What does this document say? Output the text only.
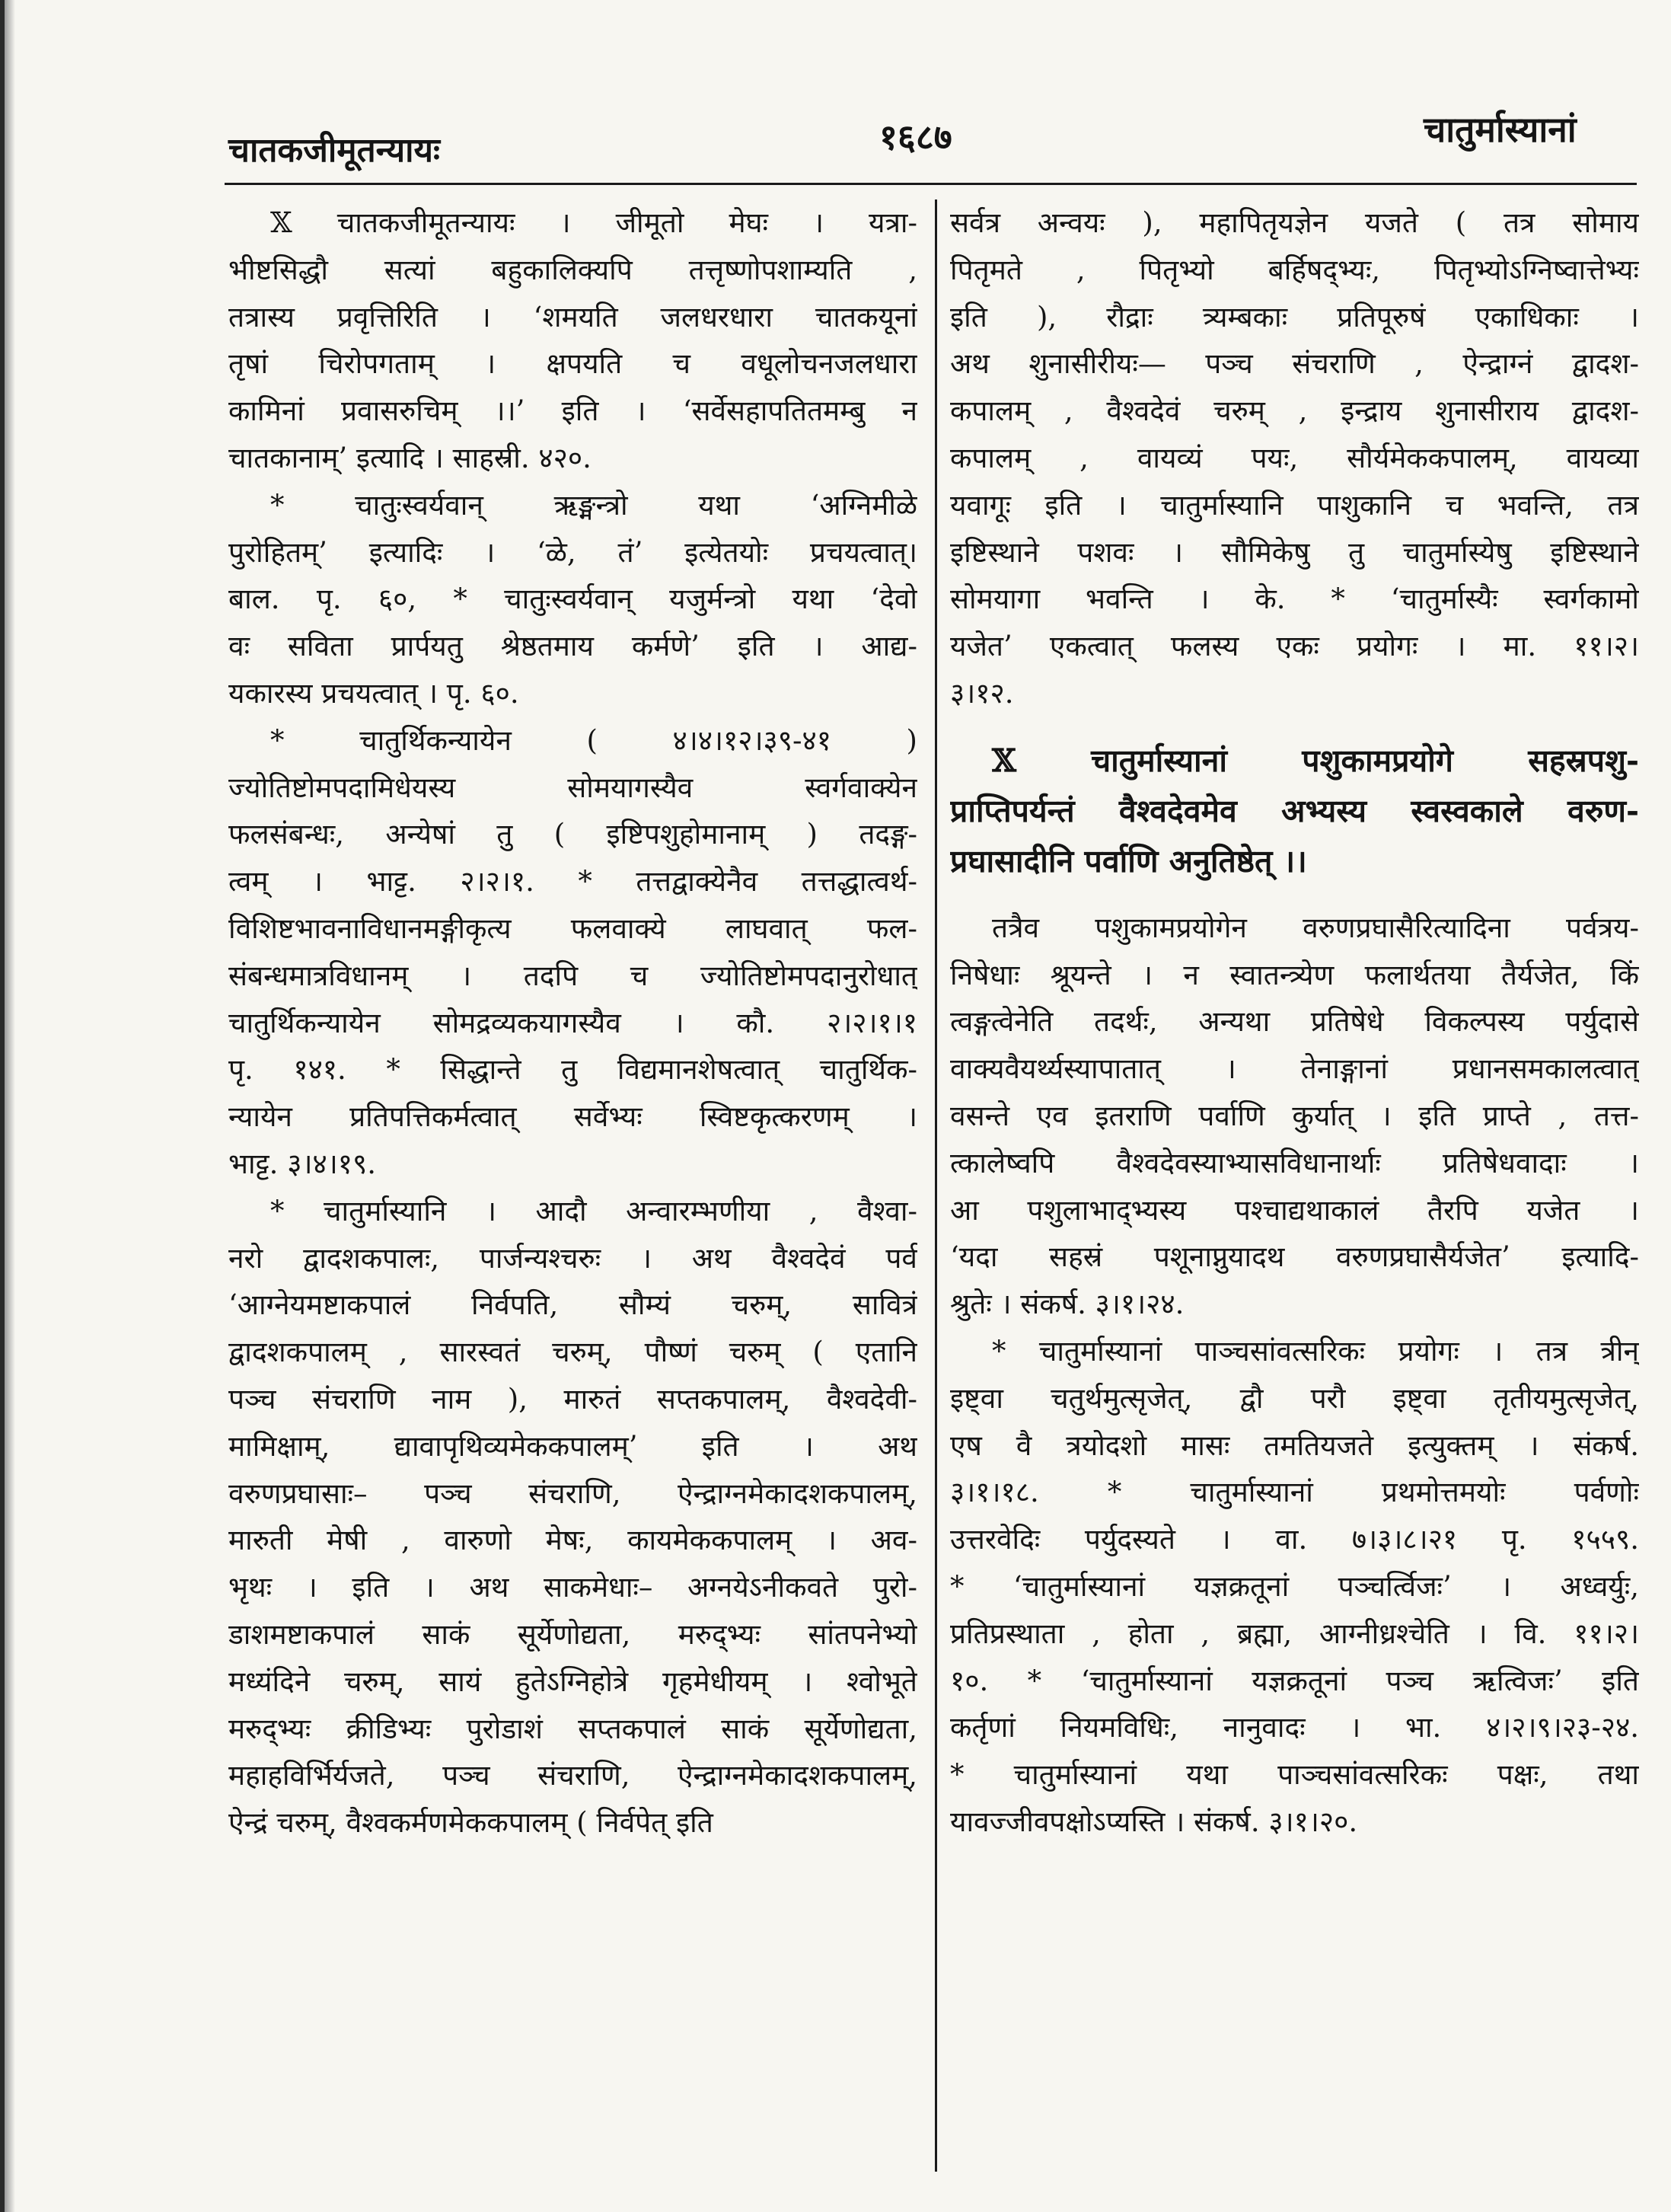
चातकजीमूतन्यायः	१६८७	चातुर्मास्यानां
𝕏 चातकजीमूतन्यायः । जीमूतो मेघः । यत्रा-
भीष्टसिद्धौ सत्यां बहुकालिक्यपि तत्तृष्णोपशाम्यति ,
तत्रास्य प्रवृत्तिरिति । ‘शमयति जलधरधारा चातकयूनां
तृषां चिरोपगताम् । क्षपयति च वधूलोचनजलधारा
कामिनां प्रवासरुचिम् ।।’ इति । ‘सर्वेसहापतितमम्बु न
चातकानाम्’ इत्यादि । साहस्री. ४२०.
* चातुःस्वर्यवान् ऋङ्मन्त्रो यथा ‘अग्निमीळे
पुरोहितम्’ इत्यादिः । ‘ळे, तं’ इत्येतयोः प्रचयत्वात्।
बाल. पृ. ६०, * चातुःस्वर्यवान् यजुर्मन्त्रो यथा ‘देवो
वः सविता प्रार्पयतु श्रेष्ठतमाय कर्मणे’ इति । आद्य-
यकारस्य प्रचयत्वात् । पृ. ६०.
* चातुर्थिकन्यायेन ( ४।४।१२।३९-४१ )
ज्योतिष्टोमपदामिधेयस्य सोमयागस्यैव स्वर्गवाक्येन
फलसंबन्धः, अन्येषां तु ( इष्टिपशुहोमानाम् ) तदङ्ग-
त्वम् । भाट्ट. २।२।१. * तत्तद्वाक्येनैव तत्तद्धात्वर्थ-
विशिष्टभावनाविधानमङ्गीकृत्य फलवाक्ये लाघवात् फल-
संबन्धमात्रविधानम् । तदपि च ज्योतिष्टोमपदानुरोधात्
चातुर्थिकन्यायेन सोमद्रव्यकयागस्यैव । कौ. २।२।१।१
पृ. १४१. * सिद्धान्ते तु विद्यमानशेषत्वात् चातुर्थिक-
न्यायेन प्रतिपत्तिकर्मत्वात् सर्वेभ्यः स्विष्टकृत्करणम् ।
भाट्ट. ३।४।१९.
* चातुर्मास्यानि । आदौ अन्वारम्भणीया , वैश्वा-
नरो द्वादशकपालः, पार्जन्यश्चरुः । अथ वैश्वदेवं पर्व
‘आग्नेयमष्टाकपालं निर्वपति, सौम्यं चरुम्, सावित्रं
द्वादशकपालम् , सारस्वतं चरुम्, पौष्णं चरुम् ( एतानि
पञ्च संचराणि नाम ), मारुतं सप्तकपालम्, वैश्वदेवी-
मामिक्षाम्, द्यावापृथिव्यमेककपालम्’ इति । अथ
वरुणप्रघासाः– पञ्च संचराणि, ऐन्द्राग्नमेकादशकपालम्,
मारुती मेषी , वारुणो मेषः, कायमेककपालम् । अव-
भृथः । इति । अथ साकमेधाः– अग्नयेऽनीकवते पुरो-
डाशमष्टाकपालं साकं सूर्येणोद्यता, मरुद्भ्यः सांतपनेभ्यो
मध्यंदिने चरुम्, सायं हुतेऽग्निहोत्रे गृहमेधीयम् । श्वोभूते
मरुद्भ्यः क्रीडिभ्यः पुरोडाशं सप्तकपालं साकं सूर्येणोद्यता,
महाहविर्भिर्यजते, पञ्च संचराणि, ऐन्द्राग्नमेकादशकपालम्,
ऐन्द्रं चरुम्, वैश्वकर्मणमेककपालम् ( निर्वपेत् इति
सर्वत्र अन्वयः ), महापितृयज्ञेन यजते ( तत्र सोमाय
पितृमते , पितृभ्यो बर्हिषद्भ्यः, पितृभ्योऽग्निष्वात्तेभ्यः
इति ), रौद्राः त्र्यम्बकाः प्रतिपूरुषं एकाधिकाः ।
अथ शुनासीरीयः— पञ्च संचराणि , ऐन्द्राग्नं द्वादश-
कपालम् , वैश्वदेवं चरुम् , इन्द्राय शुनासीराय द्वादश-
कपालम् , वायव्यं पयः, सौर्यमेककपालम्, वायव्या
यवागूः इति । चातुर्मास्यानि पाशुकानि च भवन्ति, तत्र
इष्टिस्थाने पशवः । सौमिकेषु तु चातुर्मास्येषु इष्टिस्थाने
सोमयागा भवन्ति । के. * ‘चातुर्मास्यैः स्वर्गकामो
यजेत’ एकत्वात् फलस्य एकः प्रयोगः । मा. ११।२।
३।१२.
𝕏 चातुर्मास्यानां पशुकामप्रयोगे सहस्रपशु-
प्राप्तिपर्यन्तं वैश्वदेवमेव अभ्यस्य स्वस्वकाले वरुण-
प्रघासादीनि पर्वाणि अनुतिष्ठेत् ।।
तत्रैव पशुकामप्रयोगेन वरुणप्रघासैरित्यादिना पर्वत्रय-
निषेधाः श्रूयन्ते । न स्वातन्त्र्येण फलार्थतया तैर्यजेत, किं
त्वङ्गत्वेनेति तदर्थः, अन्यथा प्रतिषेधे विकल्पस्य पर्युदासे
वाक्यवैयर्थ्यस्यापातात् । तेनाङ्गानां प्रधानसमकालत्वात्
वसन्ते एव इतराणि पर्वाणि कुर्यात् । इति प्राप्ते , तत्त-
त्कालेष्वपि वैश्वदेवस्याभ्यासविधानार्थाः प्रतिषेधवादाः ।
आ पशुलाभाद्भ्यस्य पश्चाद्यथाकालं तैरपि यजेत ।
‘यदा सहस्रं पशूनाप्नुयादथ वरुणप्रघासैर्यजेत’ इत्यादि-
श्रुतेः । संकर्ष. ३।१।२४.
* चातुर्मास्यानां पाञ्चसांवत्सरिकः प्रयोगः । तत्र त्रीन्
इष्ट्वा चतुर्थमुत्सृजेत्, द्वौ परौ इष्ट्वा तृतीयमुत्सृजेत्,
एष वै त्रयोदशो मासः तमतियजते इत्युक्तम् । संकर्ष.
३।१।१८. * चातुर्मास्यानां प्रथमोत्तमयोः पर्वणोः
उत्तरवेदिः पर्युदस्यते । वा. ७।३।८।२१ पृ. १५५९.
* ‘चातुर्मास्यानां यज्ञक्रतूनां पञ्चर्त्विजः’ । अध्वर्युः,
प्रतिप्रस्थाता , होता , ब्रह्मा, आग्नीध्रश्चेति । वि. ११।२।
१०. * ‘चातुर्मास्यानां यज्ञक्रतूनां पञ्च ऋत्विजः’ इति
कर्तृणां नियमविधिः, नानुवादः । भा. ४।२।९।२३-२४.
* चातुर्मास्यानां यथा पाञ्चसांवत्सरिकः पक्षः, तथा
यावज्जीवपक्षोऽप्यस्ति । संकर्ष. ३।१।२०.
